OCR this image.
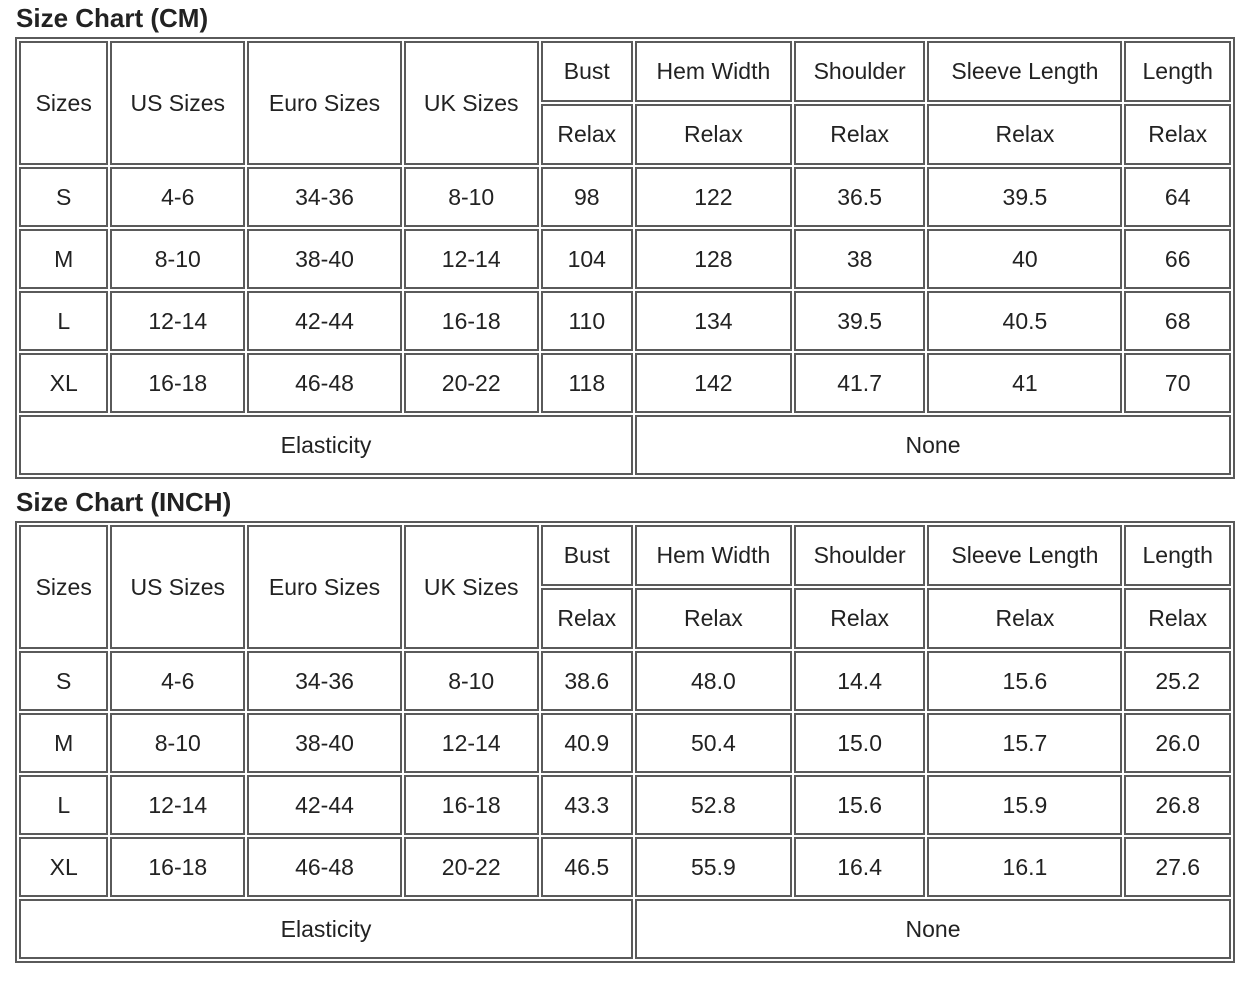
Size Chart (CM)
Sizes	US Sizes	Euro Sizes	UK Sizes	Bust	Hem Width	Shoulder	Sleeve Length	Length
				Relax	Relax	Relax	Relax	Relax
S	4-6	34-36	8-10	98	122	36.5	39.5	64
M	8-10	38-40	12-14	104	128	38	40	66
L	12-14	42-44	16-18	110	134	39.5	40.5	68
XL	16-18	46-48	20-22	118	142	41.7	41	70
Elasticity					None			
Size Chart (INCH)
Sizes	US Sizes	Euro Sizes	UK Sizes	Bust	Hem Width	Shoulder	Sleeve Length	Length
				Relax	Relax	Relax	Relax	Relax
S	4-6	34-36	8-10	38.6	48.0	14.4	15.6	25.2
M	8-10	38-40	12-14	40.9	50.4	15.0	15.7	26.0
L	12-14	42-44	16-18	43.3	52.8	15.6	15.9	26.8
XL	16-18	46-48	20-22	46.5	55.9	16.4	16.1	27.6
Elasticity					None			
